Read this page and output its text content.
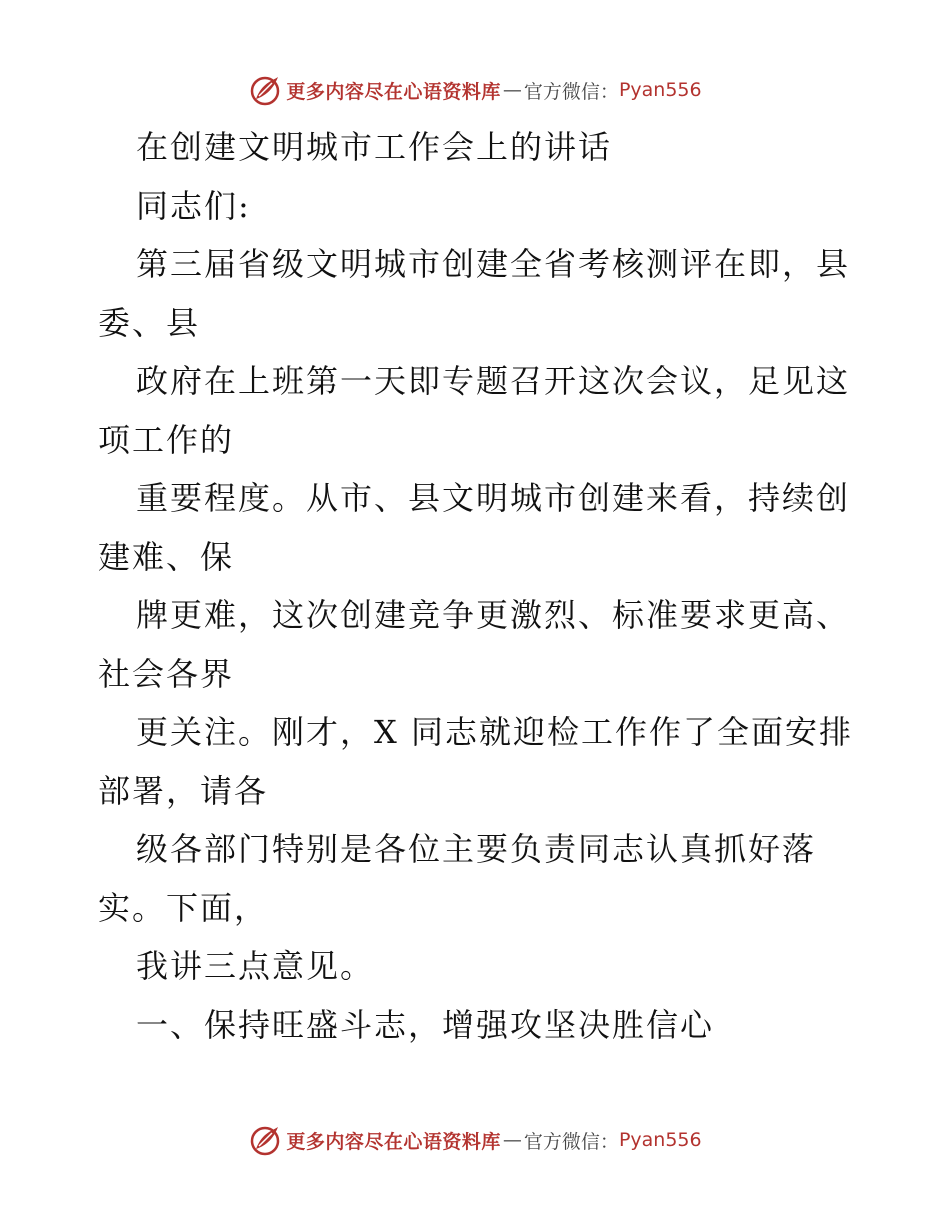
更多内容尽在心语资料库 — 官方微信： Pyan556
在创建文明城市工作会上的讲话
同志们:
第三届省级文明城市创建全省考核测评在即，县
委、县
政府在上班第一天即专题召开这次会议，足见这
项工作的
重要程度。从市、县文明城市创建来看，持续创
建难、保
牌更难，这次创建竞争更激烈、标准要求更高、
社会各界
更关注。刚才，X 同志就迎检工作作了全面安排
部署，请各
级各部门特别是各位主要负责同志认真抓好落
实。下面，
我讲三点意见。
一、保持旺盛斗志，增强攻坚决胜信心
更多内容尽在心语资料库 — 官方微信： Pyan556
